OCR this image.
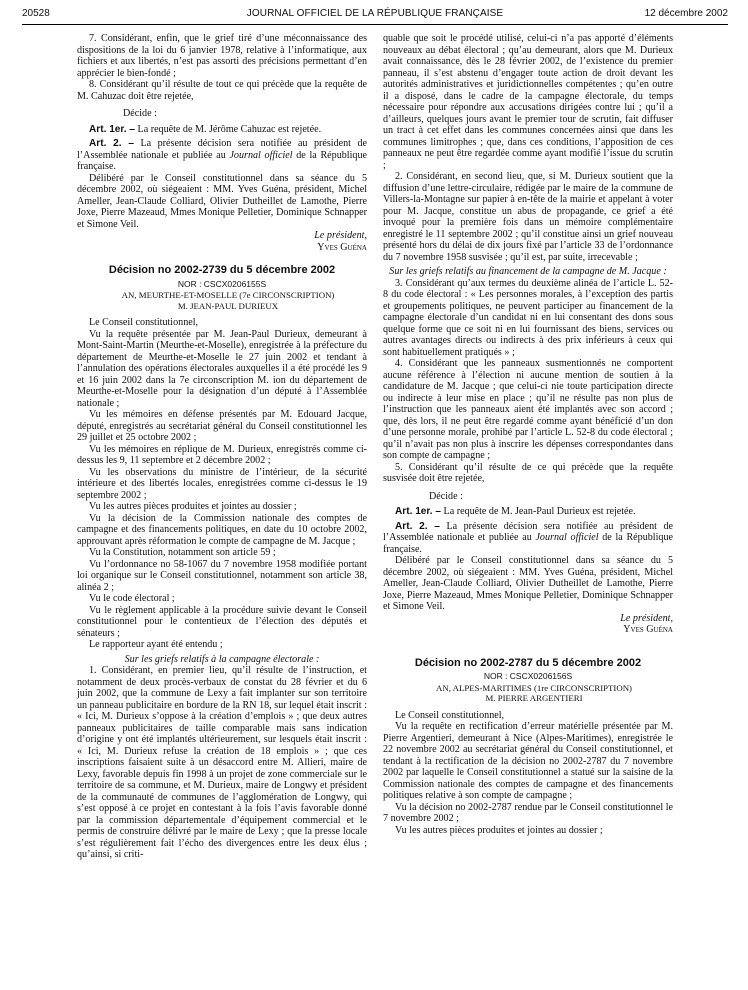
20528	JOURNAL OFFICIEL DE LA RÉPUBLIQUE FRANÇAISE	12 décembre 2002

7. Considérant, enfin, que le grief tiré d’une méconnaissance des dispositions de la loi du 6 janvier 1978, relative à l’informatique, aux fichiers et aux libertés, n’est pas assorti des précisions permettant d’en apprécier le bien-fondé ;

8. Considérant qu’il résulte de tout ce qui précède que la requête de M. Cahuzac doit être rejetée,

Décide :

Art. 1er. – La requête de M. Jérôme Cahuzac est rejetée.

Art. 2. – La présente décision sera notifiée au président de l’Assemblée nationale et publiée au Journal officiel de la République française.

Délibéré par le Conseil constitutionnel dans sa séance du 5 décembre 2002, où siégeaient : MM. Yves Guéna, président, Michel Ameller, Jean-Claude Colliard, Olivier Dutheillet de Lamothe, Pierre Joxe, Pierre Mazeaud, Mmes Monique Pelletier, Dominique Schnapper et Simone Veil.

Le président,

Yves Guéna

Décision no 2002-2739 du 5 décembre 2002
NOR : CSCX0206155S

AN, MEURTHE-ET-MOSELLE (7e CIRCONSCRIPTION)

M. JEAN-PAUL DURIEUX

Le Conseil constitutionnel,

Vu la requête présentée par M. Jean-Paul Durieux, demeurant à Mont-Saint-Martin (Meurthe-et-Moselle), enregistrée à la préfecture du département de Meurthe-et-Moselle le 27 juin 2002 et tendant à l’annulation des opérations électorales auxquelles il a été procédé les 9 et 16 juin 2002 dans la 7e circonscription M. ion du département de Meurthe-et-Moselle pour la désignation d’un député à l’Assemblée nationale ;

Vu les mémoires en défense présentés par M. Edouard Jacque, député, enregistrés au secrétariat général du Conseil constitutionnel les 29 juillet et 25 octobre 2002 ;

Vu les mémoires en réplique de M. Durieux, enregistrés comme ci-dessus les 9, 11 septembre et 2 décembre 2002 ;

Vu les observations du ministre de l’intérieur, de la sécurité intérieure et des libertés locales, enregistrées comme ci-dessus le 19 septembre 2002 ;

Vu les autres pièces produites et jointes au dossier ;

Vu la décision de la Commission nationale des comptes de campagne et des financements politiques, en date du 10 octobre 2002, approuvant après réformation le compte de campagne de M. Jacque ;

Vu la Constitution, notamment son article 59 ;

Vu l’ordonnance no 58-1067 du 7 novembre 1958 modifiée portant loi organique sur le Conseil constitutionnel, notamment son article 38, alinéa 2 ;

Vu le code électoral ;

Vu le règlement applicable à la procédure suivie devant le Conseil constitutionnel pour le contentieux de l’élection des députés et sénateurs ;

Le rapporteur ayant été entendu ;

Sur les griefs relatifs à la campagne électorale :

1. Considérant, en premier lieu, qu’il résulte de l’instruction, et notamment de deux procès-verbaux de constat du 28 février et du 6 juin 2002, que la commune de Lexy a fait implanter sur son territoire un panneau publicitaire en bordure de la RN 18, sur lequel était inscrit : « Ici, M. Durieux s’oppose à la création d’emplois » ; que deux autres panneaux publicitaires de taille comparable mais sans indication d’origine y ont été implantés ultérieurement, sur lesquels était inscrit : « Ici, M. Durieux refuse la création de 18 emplois » ; que ces inscriptions faisaient suite à un désaccord entre M. Allieri, maire de Lexy, favorable depuis fin 1998 à un projet de zone commerciale sur le territoire de sa commune, et M. Durieux, maire de Longwy et président de la communauté de communes de l’agglomération de Longwy, qui s’est opposé à ce projet en contestant à la fois l’avis favorable donné par la commission départementale d’équipement commercial et le permis de construire délivré par le maire de Lexy ; que la presse locale s’est régulièrement fait l’écho des divergences entre les deux élus ; qu’ainsi, si criti-

quable que soit le procédé utilisé, celui-ci n’a pas apporté d’éléments nouveaux au débat électoral ; qu’au demeurant, alors que M. Durieux avait connaissance, dès le 28 février 2002, de l’existence du premier panneau, il s’est abstenu d’engager toute action de droit devant les autorités administratives et juridictionnelles compétentes ; qu’en outre il a disposé, dans le cadre de la campagne électorale, du temps nécessaire pour répondre aux accusations dirigées contre lui ; qu’il a d’ailleurs, quelques jours avant le premier tour de scrutin, fait diffuser un tract à cet effet dans les communes concernées ainsi que dans les communes limitrophes ; que, dans ces conditions, l’apposition de ces panneaux ne peut être regardée comme ayant modifié l’issue du scrutin ;

2. Considérant, en second lieu, que, si M. Durieux soutient que la diffusion d’une lettre-circulaire, rédigée par le maire de la commune de Villers-la-Montagne sur papier à en-tête de la mairie et appelant à voter pour M. Jacque, constitue un abus de propagande, ce grief a été invoqué pour la première fois dans un mémoire complémentaire enregistré le 11 septembre 2002 ; qu’il constitue ainsi un grief nouveau présenté hors du délai de dix jours fixé par l’article 33 de l’ordonnance du 7 novembre 1958 susvisée ; qu’il est, par suite, irrecevable ;

Sur les griefs relatifs au financement de la campagne de M. Jacque :

3. Considérant qu’aux termes du deuxième alinéa de l’article L. 52-8 du code électoral : « Les personnes morales, à l’exception des partis et groupements politiques, ne peuvent participer au financement de la campagne électorale d’un candidat ni en lui consentant des dons sous quelque forme que ce soit ni en lui fournissant des biens, services ou autres avantages directs ou indirects à des prix inférieurs à ceux qui sont habituellement pratiqués » ;

4. Considérant que les panneaux susmentionnés ne comportent aucune référence à l’élection ni aucune mention de soutien à la candidature de M. Jacque ; que celui-ci nie toute participation directe ou indirecte à leur mise en place ; qu’il ne résulte pas non plus de l’instruction que les panneaux aient été implantés avec son accord ; que, dès lors, il ne peut être regardé comme ayant bénéficié d’un don d’une personne morale, prohibé par l’article L. 52-8 du code électoral ; qu’il n’avait pas non plus à inscrire les dépenses correspondantes dans son compte de campagne ;

5. Considérant qu’il résulte de ce qui précède que la requête susvisée doit être rejetée,

Décide :

Art. 1er. – La requête de M. Jean-Paul Durieux est rejetée.

Art. 2. – La présente décision sera notifiée au président de l’Assemblée nationale et publiée au Journal officiel de la République française.

Délibéré par le Conseil constitutionnel dans sa séance du 5 décembre 2002, où siégeaient : MM. Yves Guéna, président, Michel Ameller, Jean-Claude Colliard, Olivier Dutheillet de Lamothe, Pierre Joxe, Pierre Mazeaud, Mmes Monique Pelletier, Dominique Schnapper et Simone Veil.

Le président,

Yves Guéna

Décision no 2002-2787 du 5 décembre 2002
NOR : CSCX0206156S

AN, ALPES-MARITIMES (1re CIRCONSCRIPTION)

M. PIERRE ARGENTIERI

Le Conseil constitutionnel,

Vu la requête en rectification d’erreur matérielle présentée par M. Pierre Argentieri, demeurant à Nice (Alpes-Maritimes), enregistrée le 22 novembre 2002 au secrétariat général du Conseil constitutionnel, et tendant à la rectification de la décision no 2002-2787 du 7 novembre 2002 par laquelle le Conseil constitutionnel a statué sur la saisine de la Commission nationale des comptes de campagne et des financements politiques relative à son compte de campagne ;

Vu la décision no 2002-2787 rendue par le Conseil constitutionnel le 7 novembre 2002 ;

Vu les autres pièces produites et jointes au dossier ;
